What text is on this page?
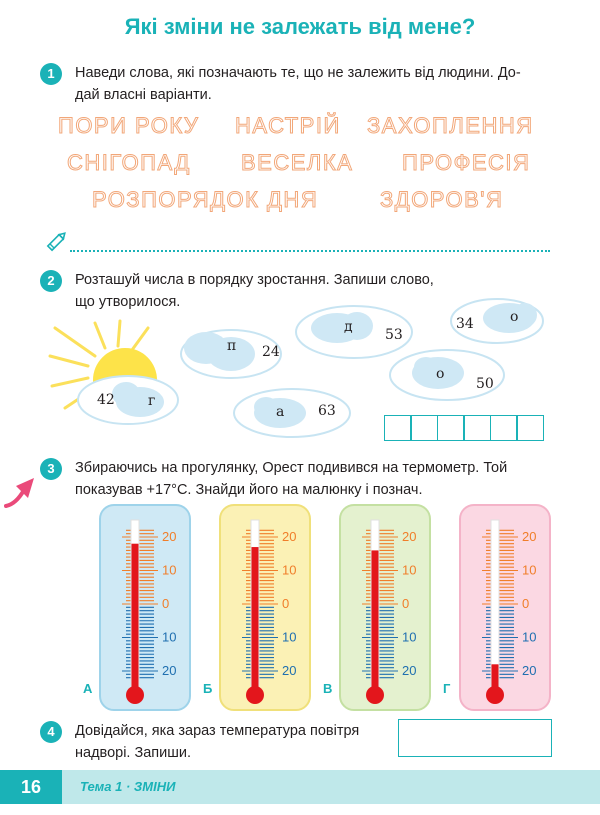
Які зміни не залежать від мене?
1	Наведи слова, які позначають те, що не залежить від людини. До-
дай власні варіанти.
ПОРИ РОКУ НАСТРІЙ ЗАХОПЛЕННЯ
СНІГОПАД ВЕСЕЛКА ПРОФЕСІЯ
РОЗПОРЯДОК ДНЯ	ЗДОРОВ'Я
2	Розташуй числа в порядку зростання. Запиши слово,
що утворилося.
п 24
д 53
34	о
о
50
42 г
а 63
3	Збираючись на прогулянку, Орест подивився на термометр. Той
показував +17°С. Знайди його на малюнку і познач.
20
10
0
10
20
А
20
10
0
10
20
Б
20
10
0
10
20
В
20
10
0
10
20
Г
4	Довідайся, яка зараз температура повітря
надворі. Запиши.
16	Тема 1 · ЗМІНИ
